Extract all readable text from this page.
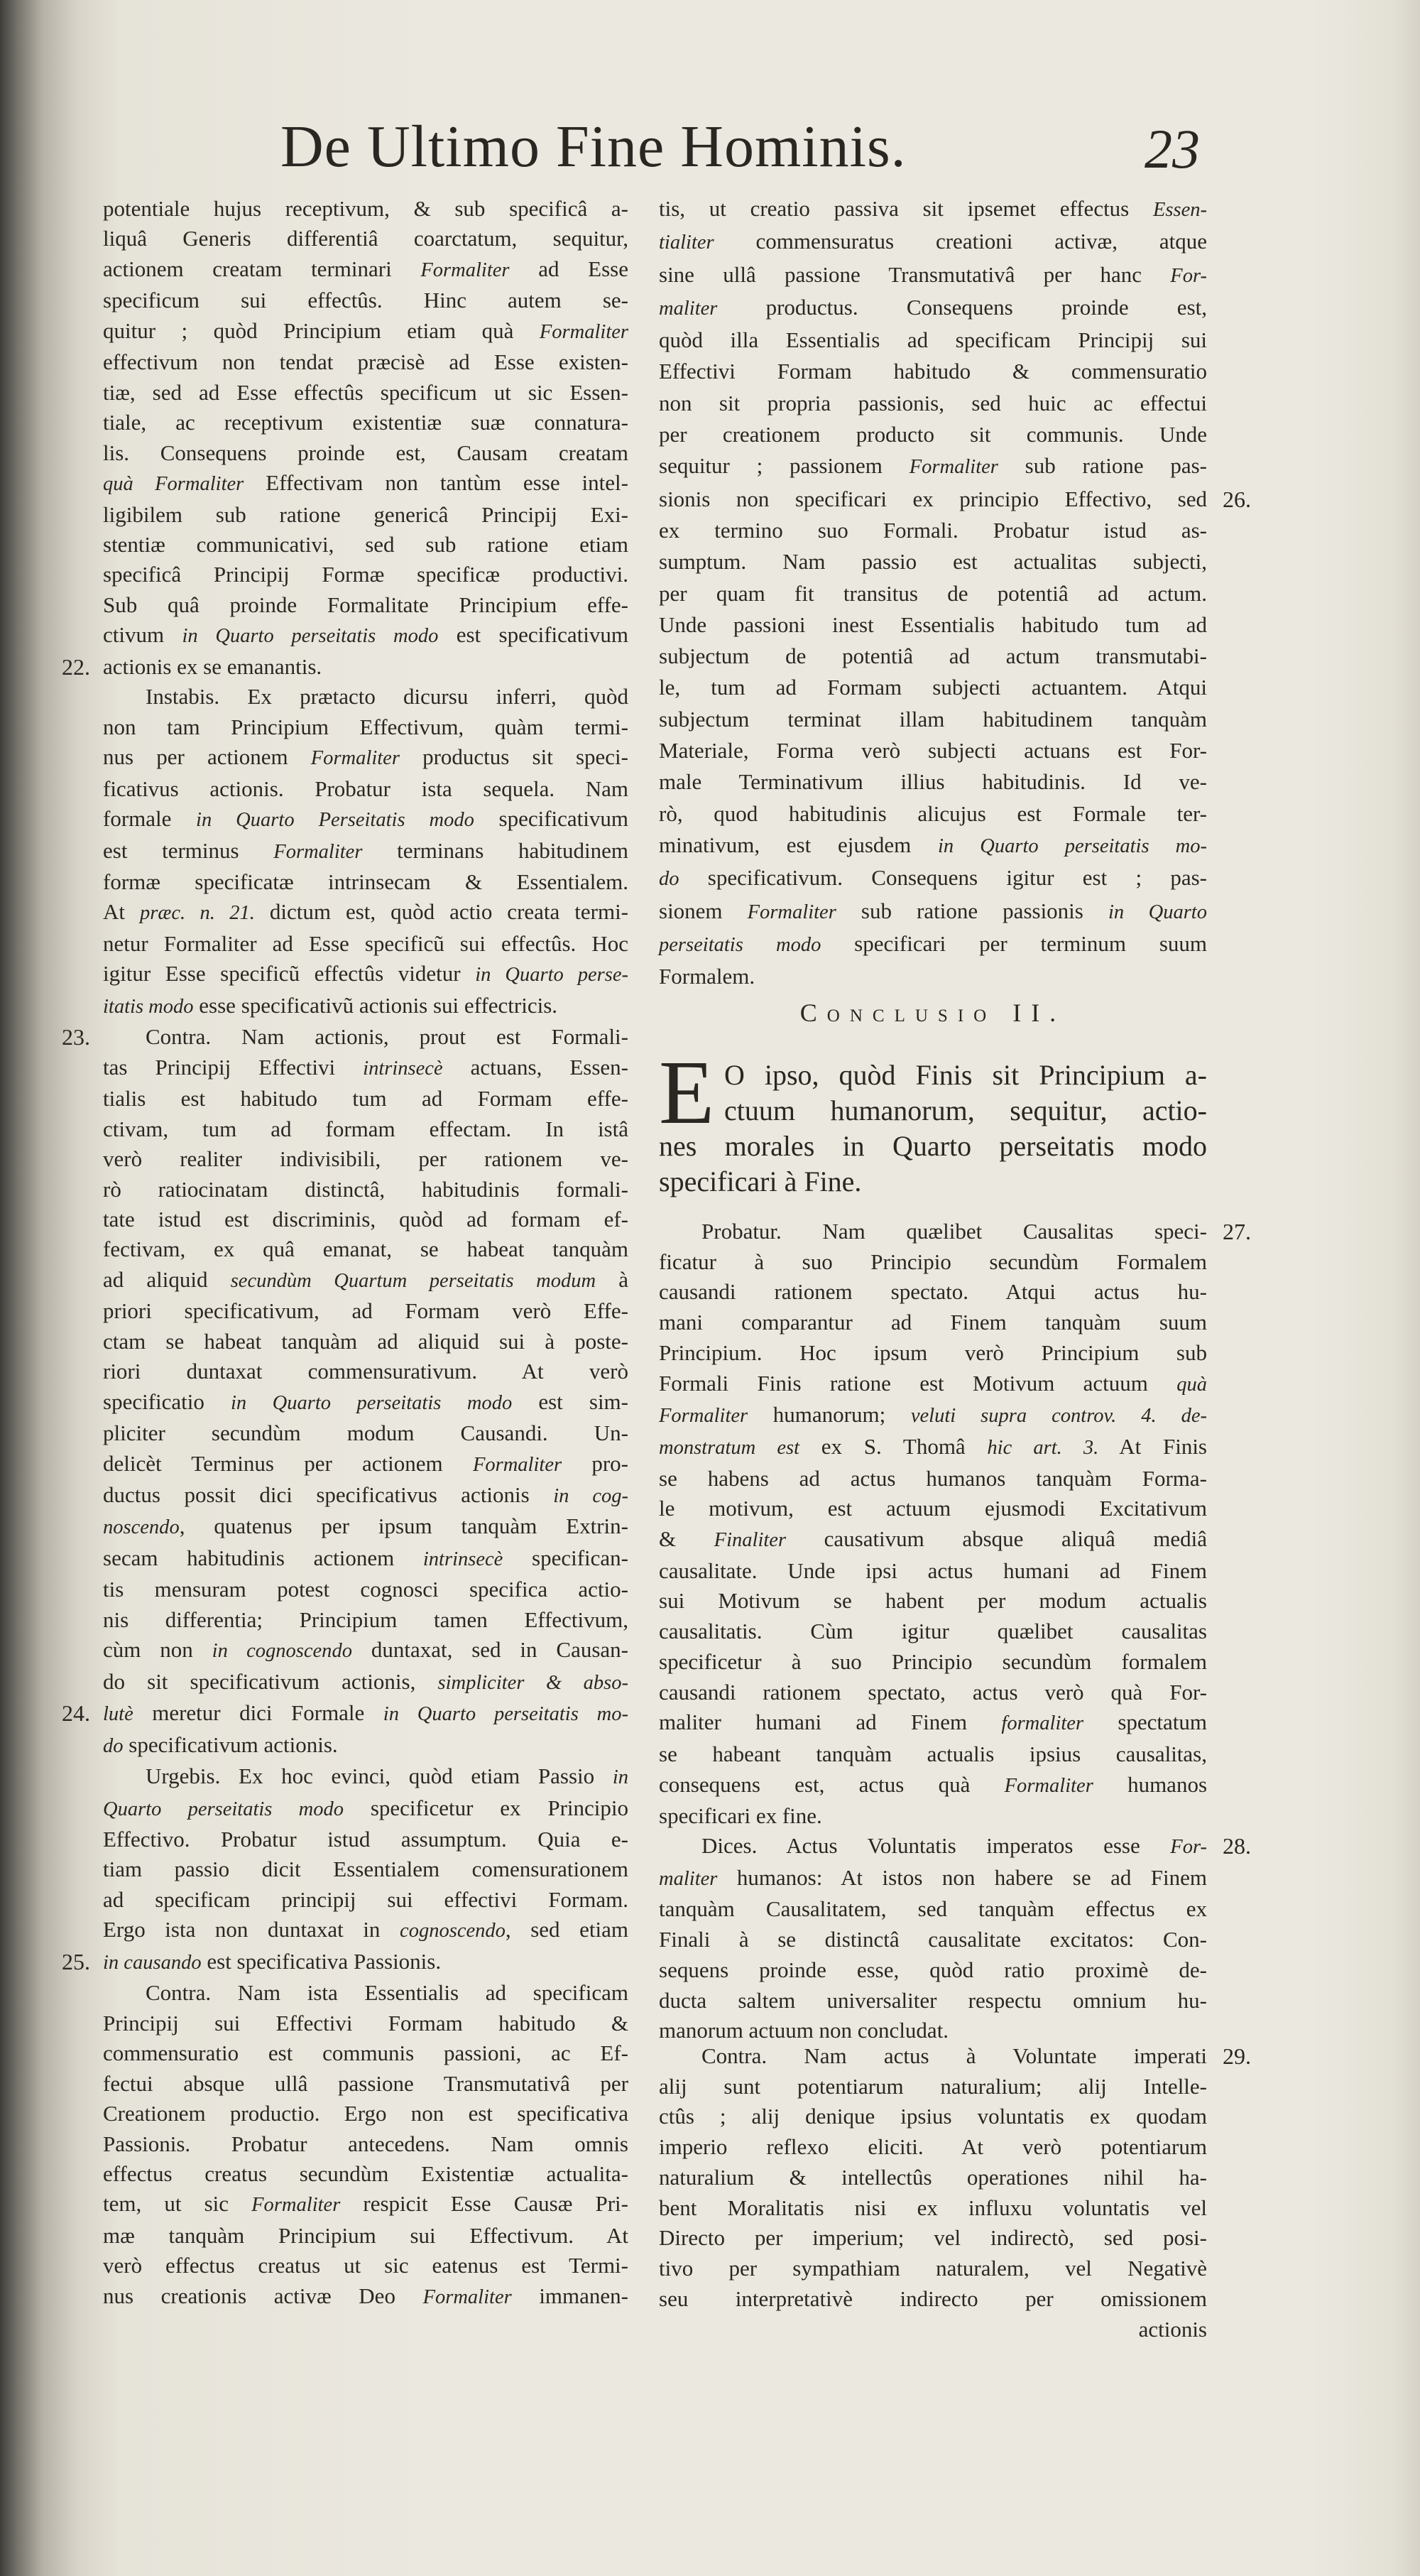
De Ultimo Fine Hominis.	23
potentiale hujus receptivum, & sub specificâ a-
liquâ Generis differentiâ coarctatum, sequitur,
actionem creatam terminari Formaliter ad Esse
specificum sui effectûs. Hinc autem se-
quitur ; quòd Principium etiam quà Formaliter
effectivum non tendat præcisè ad Esse existen-
tiæ, sed ad Esse effectûs specificum ut sic Essen-
tiale, ac receptivum existentiæ suæ connatura-
lis. Consequens proinde est, Causam creatam
quà Formaliter Effectivam non tantùm esse intel-
ligibilem sub ratione genericâ Principij Exi-
stentiæ communicativi, sed sub ratione etiam
specificâ Principij Formæ specificæ productivi.
Sub quâ proinde Formalitate Principium effe-
ctivum in Quarto perseitatis modo est specificativum
actionis ex se emanantis.
22.
Instabis. Ex prætacto dicursu inferri, quòd
non tam Principium Effectivum, quàm termi-
nus per actionem Formaliter productus sit speci-
ficativus actionis. Probatur ista sequela. Nam
formale in Quarto Perseitatis modo specificativum
est terminus Formaliter terminans habitudinem
formæ specificatæ intrinsecam & Essentialem.
At præc. n. 21. dictum est, quòd actio creata termi-
netur Formaliter ad Esse specificũ sui effectûs. Hoc
igitur Esse specificũ effectûs videtur in Quarto perse-
itatis modo esse specificativũ actionis sui effectricis.
Contra. Nam actionis, prout est Formali-
23.
tas Principij Effectivi intrinsecè actuans, Essen-
tialis est habitudo tum ad Formam effe-
ctivam, tum ad formam effectam. In istâ
verò realiter indivisibili, per rationem ve-
rò ratiocinatam distinctâ, habitudinis formali-
tate istud est discriminis, quòd ad formam ef-
fectivam, ex quâ emanat, se habeat tanquàm
ad aliquid secundùm Quartum perseitatis modum à
priori specificativum, ad Formam verò Effe-
ctam se habeat tanquàm ad aliquid sui à poste-
riori duntaxat commensurativum. At verò
specificatio in Quarto perseitatis modo est sim-
pliciter secundùm modum Causandi. Un-
delicèt Terminus per actionem Formaliter pro-
ductus possit dici specificativus actionis in cog-
noscendo, quatenus per ipsum tanquàm Extrin-
secam habitudinis actionem intrinsecè specifican-
tis mensuram potest cognosci specifica actio-
nis differentia; Principium tamen Effectivum,
cùm non in cognoscendo duntaxat, sed in Causan-
do sit specificativum actionis, simpliciter & abso-
lutè meretur dici Formale in Quarto perseitatis mo-
24.
do specificativum actionis.
Urgebis. Ex hoc evinci, quòd etiam Passio in
Quarto perseitatis modo specificetur ex Principio
Effectivo. Probatur istud assumptum. Quia e-
tiam passio dicit Essentialem comensurationem
ad specificam principij sui effectivi Formam.
Ergo ista non duntaxat in cognoscendo, sed etiam
in causando est specificativa Passionis.
25.
Contra. Nam ista Essentialis ad specificam
Principij sui Effectivi Formam habitudo &
commensuratio est communis passioni, ac Ef-
fectui absque ullâ passione Transmutativâ per
Creationem productio. Ergo non est specificativa
Passionis. Probatur antecedens. Nam omnis
effectus creatus secundùm Existentiæ actualita-
tem, ut sic Formaliter respicit Esse Causæ Pri-
mæ tanquàm Principium sui Effectivum. At
verò effectus creatus ut sic eatenus est Termi-
nus creationis activæ Deo Formaliter immanen-
tis, ut creatio passiva sit ipsemet effectus Essen-
tialiter commensuratus creationi activæ, atque
sine ullâ passione Transmutativâ per hanc For-
maliter productus. Consequens proinde est,
quòd illa Essentialis ad specificam Principij sui
Effectivi Formam habitudo & commensuratio
non sit propria passionis, sed huic ac effectui
per creationem producto sit communis. Unde
sequitur ; passionem Formaliter sub ratione pas-
sionis non specificari ex principio Effectivo, sed 26.
ex termino suo Formali. Probatur istud as-
sumptum. Nam passio est actualitas subjecti,
per quam fit transitus de potentiâ ad actum.
Unde passioni inest Essentialis habitudo tum ad
subjectum de potentiâ ad actum transmutabi-
le, tum ad Formam subjecti actuantem. Atqui
subjectum terminat illam habitudinem tanquàm
Materiale, Forma verò subjecti actuans est For-
male Terminativum illius habitudinis. Id ve-
rò, quod habitudinis alicujus est Formale ter-
minativum, est ejusdem in Quarto perseitatis mo-
do specificativum. Consequens igitur est ; pas-
sionem Formaliter sub ratione passionis in Quarto
perseitatis modo specificari per terminum suum
Formalem.
Conclusio II.
E O ipso, quòd Finis sit Principium a-
ctuum humanorum, sequitur, actio-
nes morales in Quarto perseitatis modo
specificari à Fine.
Probatur. Nam quælibet Causalitas speci- 27.
ficatur à suo Principio secundùm Formalem
causandi rationem spectato. Atqui actus hu-
mani comparantur ad Finem tanquàm suum
Principium. Hoc ipsum verò Principium sub
Formali Finis ratione est Motivum actuum quà
Formaliter humanorum; veluti supra controv. 4. de-
monstratum est ex S. Thomâ hic art. 3. At Finis
se habens ad actus humanos tanquàm Forma-
le motivum, est actuum ejusmodi Excitativum
& Finaliter causativum absque aliquâ mediâ
causalitate. Unde ipsi actus humani ad Finem
sui Motivum se habent per modum actualis
causalitatis. Cùm igitur quælibet causalitas
specificetur à suo Principio secundùm formalem
causandi rationem spectato, actus verò quà For-
maliter humani ad Finem formaliter spectatum
se habeant tanquàm actualis ipsius causalitas,
consequens est, actus quà Formaliter humanos
specificari ex fine.
Dices. Actus Voluntatis imperatos esse For- 28.
maliter humanos: At istos non habere se ad Finem
tanquàm Causalitatem, sed tanquàm effectus ex
Finali à se distinctâ causalitate excitatos: Con-
sequens proinde esse, quòd ratio proximè de-
ducta saltem universaliter respectu omnium hu-
manorum actuum non concludat.
Contra. Nam actus à Voluntate imperati 29.
alij sunt potentiarum naturalium; alij Intelle-
ctûs ; alij denique ipsius voluntatis ex quodam
imperio reflexo eliciti. At verò potentiarum
naturalium & intellectûs operationes nihil ha-
bent Moralitatis nisi ex influxu voluntatis vel
Directo per imperium; vel indirectò, sed posi-
tivo per sympathiam naturalem, vel Negativè
seu interpretativè indirecto per omissionem
actionis
